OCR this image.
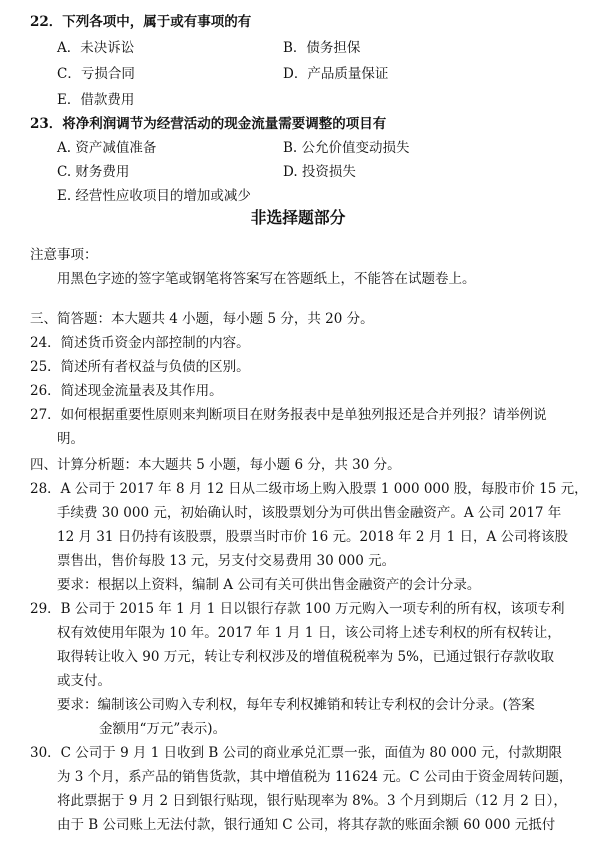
22．下列各项中，属于或有事项的有
A．未决诉讼	B．债务担保
C．亏损合同	D．产品质量保证
E．借款费用
23．将净利润调节为经营活动的现金流量需要调整的项目有
A. 资产减值准备	B. 公允价值变动损失
C. 财务费用	D. 投资损失
E. 经营性应收项目的增加或减少
非选择题部分
注意事项：
用黑色字迹的签字笔或钢笔将答案写在答题纸上，不能答在试题卷上。
三、简答题：本大题共 4 小题，每小题 5 分，共 20 分。
24．简述货币资金内部控制的内容。
25．简述所有者权益与负债的区别。
26．简述现金流量表及其作用。
27．如何根据重要性原则来判断项目在财务报表中是单独列报还是合并列报？请举例说
明。
四、计算分析题：本大题共 5 小题，每小题 6 分，共 30 分。
28．A 公司于 2017 年 8 月 12 日从二级市场上购入股票 1 000 000 股，每股市价 15 元，
手续费 30 000 元，初始确认时，该股票划分为可供出售金融资产。A 公司 2017 年
12 月 31 日仍持有该股票，股票当时市价 16 元。2018 年 2 月 1 日，A 公司将该股
票售出，售价每股 13 元，另支付交易费用 30 000 元。
要求：根据以上资料，编制 A 公司有关可供出售金融资产的会计分录。
29．B 公司于 2015 年 1 月 1 日以银行存款 100 万元购入一项专利的所有权，该项专利
权有效使用年限为 10 年。2017 年 1 月 1 日，该公司将上述专利权的所有权转让，
取得转让收入 90 万元，转让专利权涉及的增值税税率为 5%，已通过银行存款收取
或支付。
要求：编制该公司购入专利权，每年专利权摊销和转让专利权的会计分录。(答案
金额用“万元”表示)。
30．C 公司于 9 月 1 日收到 B 公司的商业承兑汇票一张，面值为 80 000 元，付款期限
为 3 个月，系产品的销售货款，其中增值税为 11624 元。C 公司由于资金周转问题，
将此票据于 9 月 2 日到银行贴现，银行贴现率为 8%。3 个月到期后（12 月 2 日），
由于 B 公司账上无法付款，银行通知 C 公司，将其存款的账面余额 60 000 元抵付
